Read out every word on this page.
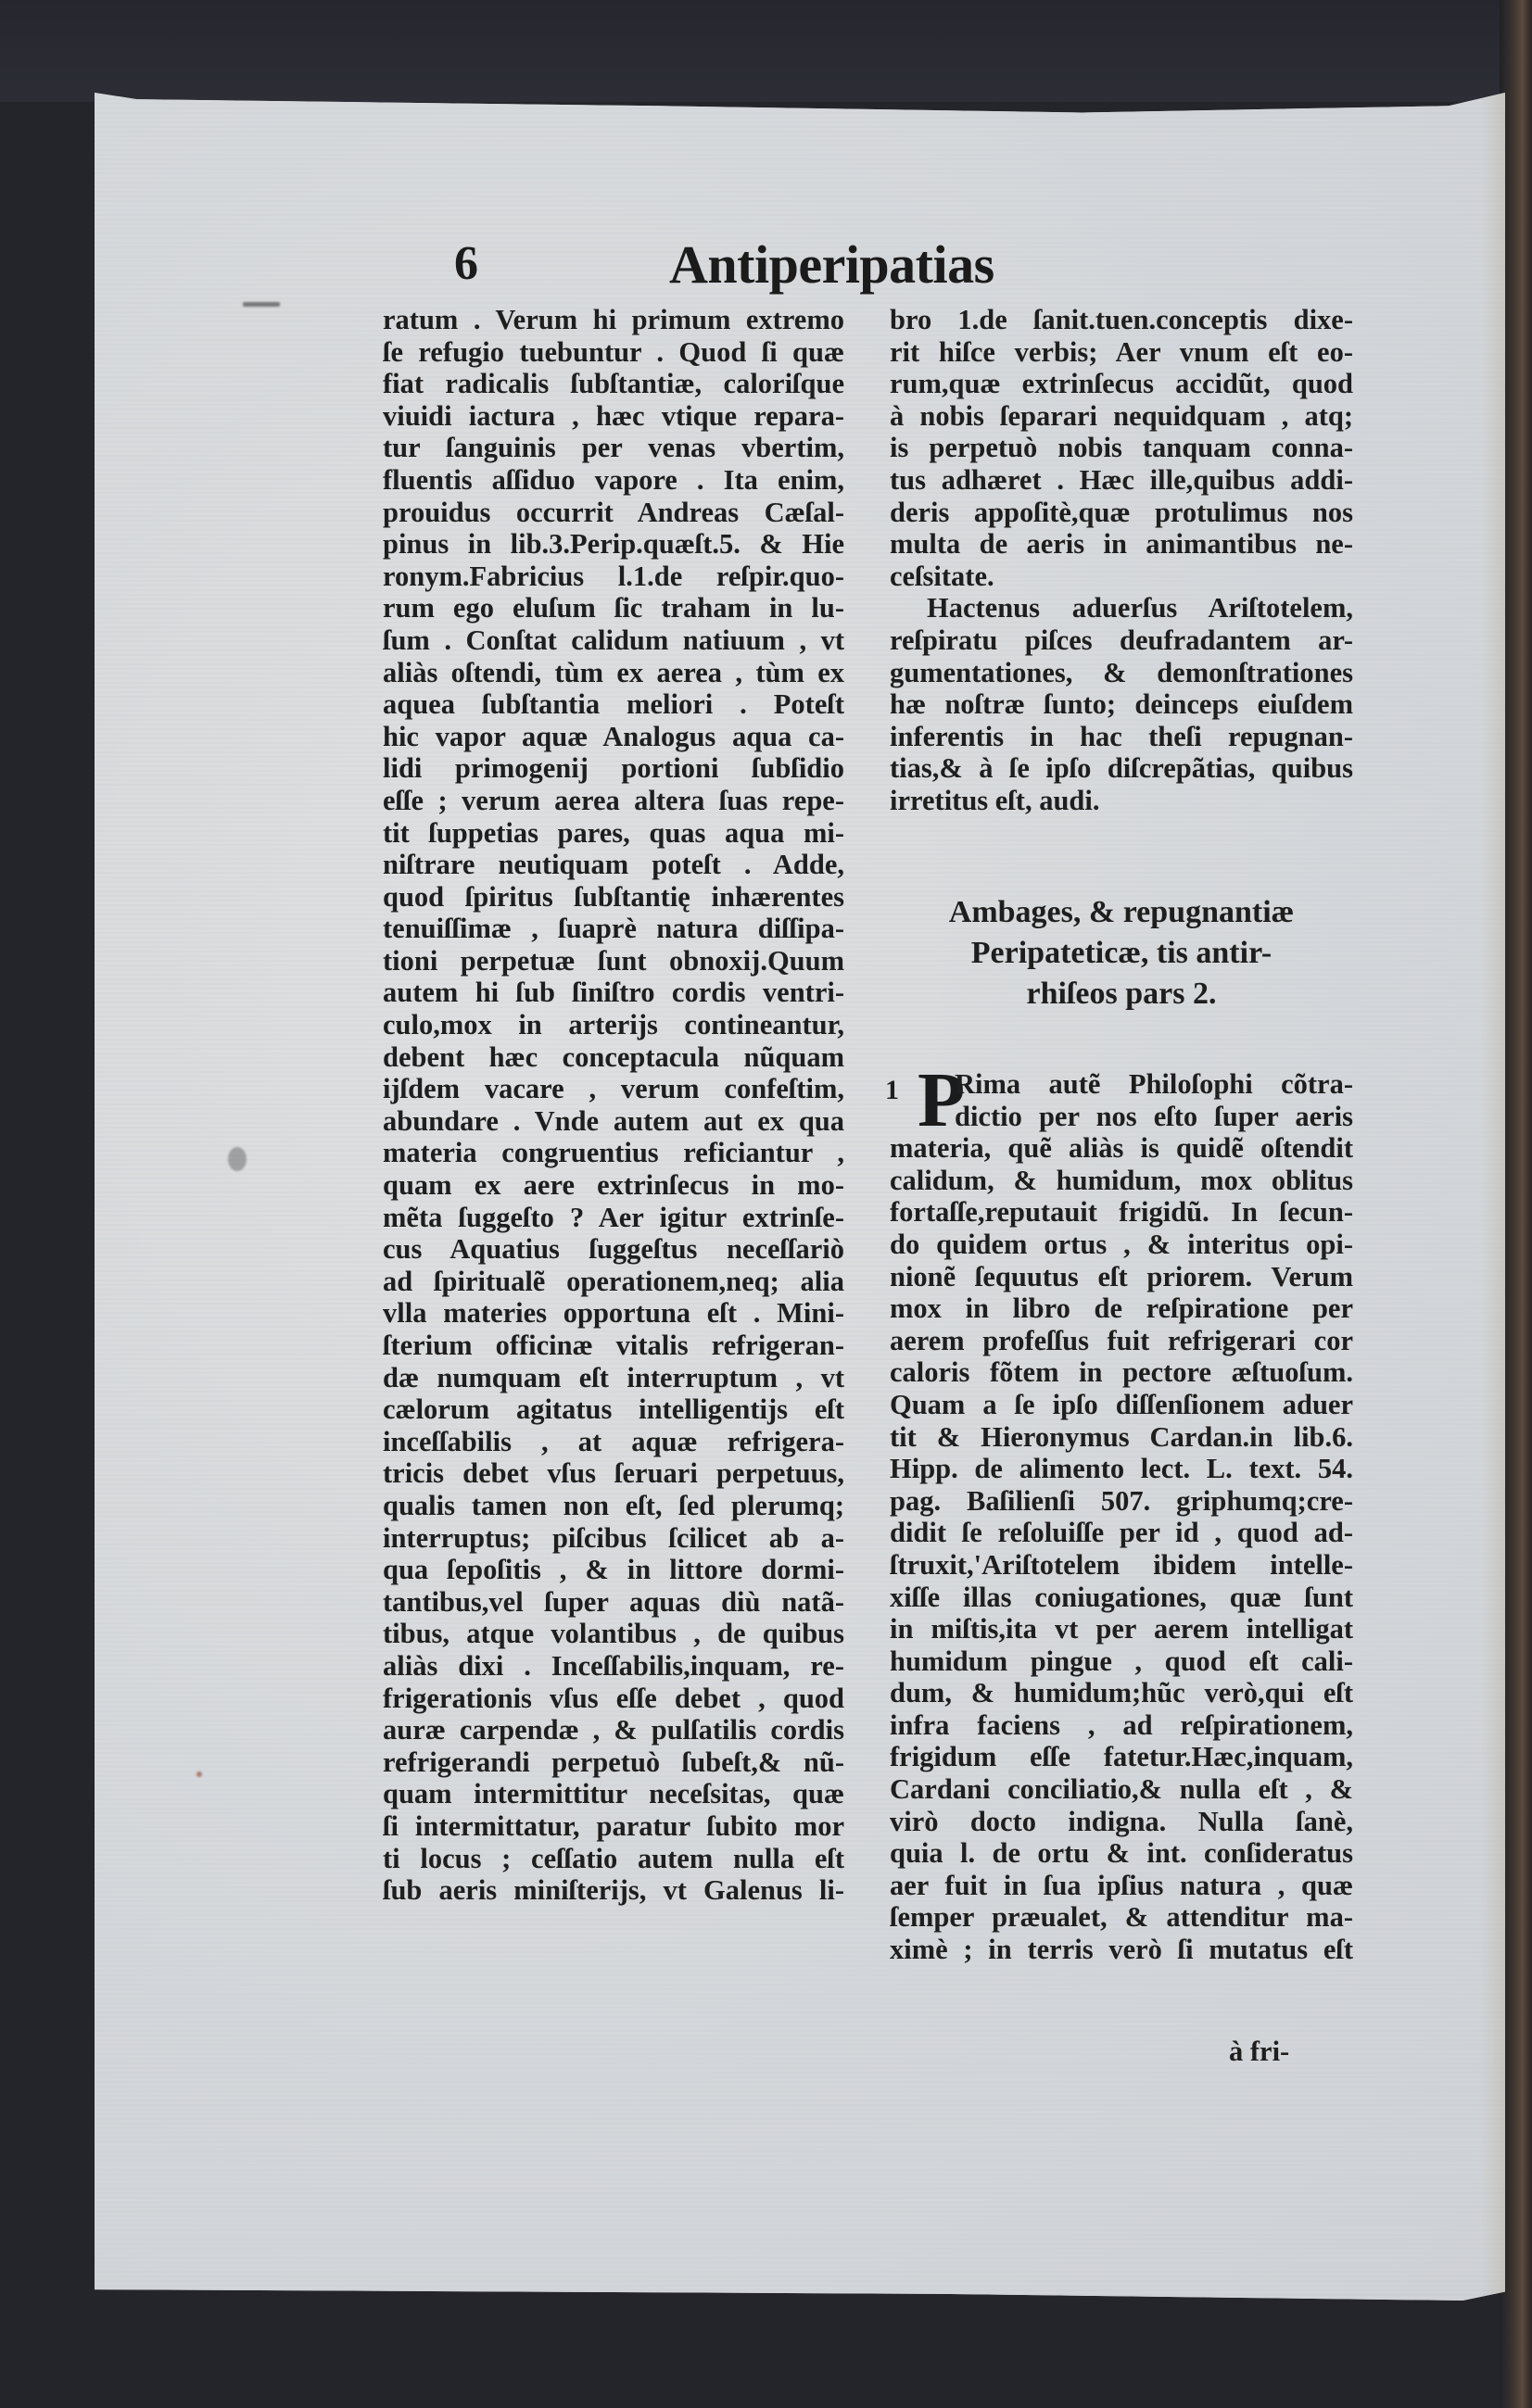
6	Antiperipatias
ratum . Verum hi primum extremo
ſe refugio tuebuntur . Quod ſi quæ
fiat radicalis ſubſtantiæ, caloriſque
viuidi iactura , hæc vtique repara-
tur ſanguinis per venas vbertim,
fluentis aſſiduo vapore . Ita enim,
prouidus occurrit Andreas Cæſal-
pinus in lib.3.Perip.quæſt.5. & Hie
ronym.Fabricius l.1.de reſpir.quo-
rum ego eluſum ſic traham in lu-
ſum . Conſtat calidum natiuum , vt
aliàs oſtendi, tùm ex aerea , tùm ex
aquea ſubſtantia meliori . Poteſt
hic vapor aquæ Analogus aqua ca-
lidi primogenij portioni ſubſidio
eſſe ; verum aerea altera ſuas repe-
tit ſuppetias pares, quas aqua mi-
niſtrare neutiquam poteſt . Adde,
quod ſpiritus ſubſtantię inhærentes
tenuiſſimæ , ſuaprè natura diſſipa-
tioni perpetuæ ſunt obnoxij.Quum
autem hi ſub ſiniſtro cordis ventri-
culo,mox in arterijs contineantur,
debent hæc conceptacula nũquam
ijſdem vacare , verum confeſtim,
abundare . Vnde autem aut ex qua
materia congruentius reficiantur ,
quam ex aere extrinſecus in mo-
mẽta ſuggeſto ? Aer igitur extrinſe-
cus Aquatius ſuggeſtus neceſſariò
ad ſpiritualẽ operationem,neq; alia
vlla materies opportuna eſt . Mini-
ſterium officinæ vitalis refrigeran-
dæ numquam eſt interruptum , vt
cælorum agitatus intelligentijs eſt
inceſſabilis , at aquæ refrigera-
tricis debet vſus ſeruari perpetuus,
qualis tamen non eſt, ſed plerumq;
interruptus; piſcibus ſcilicet ab a-
qua ſepoſitis , & in littore dormi-
tantibus,vel ſuper aquas diù natã-
tibus, atque volantibus , de quibus
aliàs dixi . Inceſſabilis,inquam, re-
frigerationis vſus eſſe debet , quod
auræ carpendæ , & pulſatilis cordis
refrigerandi perpetuò ſubeſt,& nũ-
quam intermittitur neceſsitas, quæ
ſi intermittatur, paratur ſubito mor
ti locus ; ceſſatio autem nulla eſt
ſub aeris miniſterijs, vt Galenus li-
bro 1.de ſanit.tuen.conceptis dixe-
rit hiſce verbis; Aer vnum eſt eo-
rum,quæ extrinſecus accidũt, quod
à nobis ſeparari nequidquam , atq;
is perpetuò nobis tanquam conna-
tus adhæret . Hæc ille,quibus addi-
deris appoſitè,quæ protulimus nos
multa de aeris in animantibus ne-
ceſsitate.
Hactenus aduerſus Ariſtotelem,
reſpiratu piſces deufradantem ar-
gumentationes, & demonſtrationes
hæ noſtræ ſunto; deinceps eiuſdem
inferentis in hac theſi repugnan-
tias,& à ſe ipſo diſcrepãtias, quibus
irretitus eſt, audi.
Ambages, & repugnantiæ
Peripateticæ, tis antir-
rhiſeos pars 2.
1 P
Rima autẽ Philoſophi cõtra-
dictio per nos eſto ſuper aeris
materia, quẽ aliàs is quidẽ oſtendit
calidum, & humidum, mox oblitus
fortaſſe,reputauit frigidũ. In ſecun-
do quidem ortus , & interitus opi-
nionẽ ſequutus eſt priorem. Verum
mox in libro de reſpiratione per
aerem profeſſus fuit refrigerari cor
caloris fõtem in pectore æſtuoſum.
Quam a ſe ipſo diſſenſionem aduer
tit & Hieronymus Cardan.in lib.6.
Hipp. de alimento lect. L. text. 54.
pag. Baſilienſi 507. griphumq;cre-
didit ſe reſoluiſſe per id , quod ad-
ſtruxit,'Ariſtotelem ibidem intelle-
xiſſe illas coniugationes, quæ ſunt
in miſtis,ita vt per aerem intelligat
humidum pingue , quod eſt cali-
dum, & humidum;hũc verò,qui eſt
infra faciens , ad reſpirationem,
frigidum eſſe fatetur.Hæc,inquam,
Cardani conciliatio,& nulla eſt , &
virò docto indigna. Nulla ſanè,
quia l. de ortu & int. conſideratus
aer fuit in ſua ipſius natura , quæ
ſemper præualet, & attenditur ma-
ximè ; in terris verò ſi mutatus eſt
à fri-
